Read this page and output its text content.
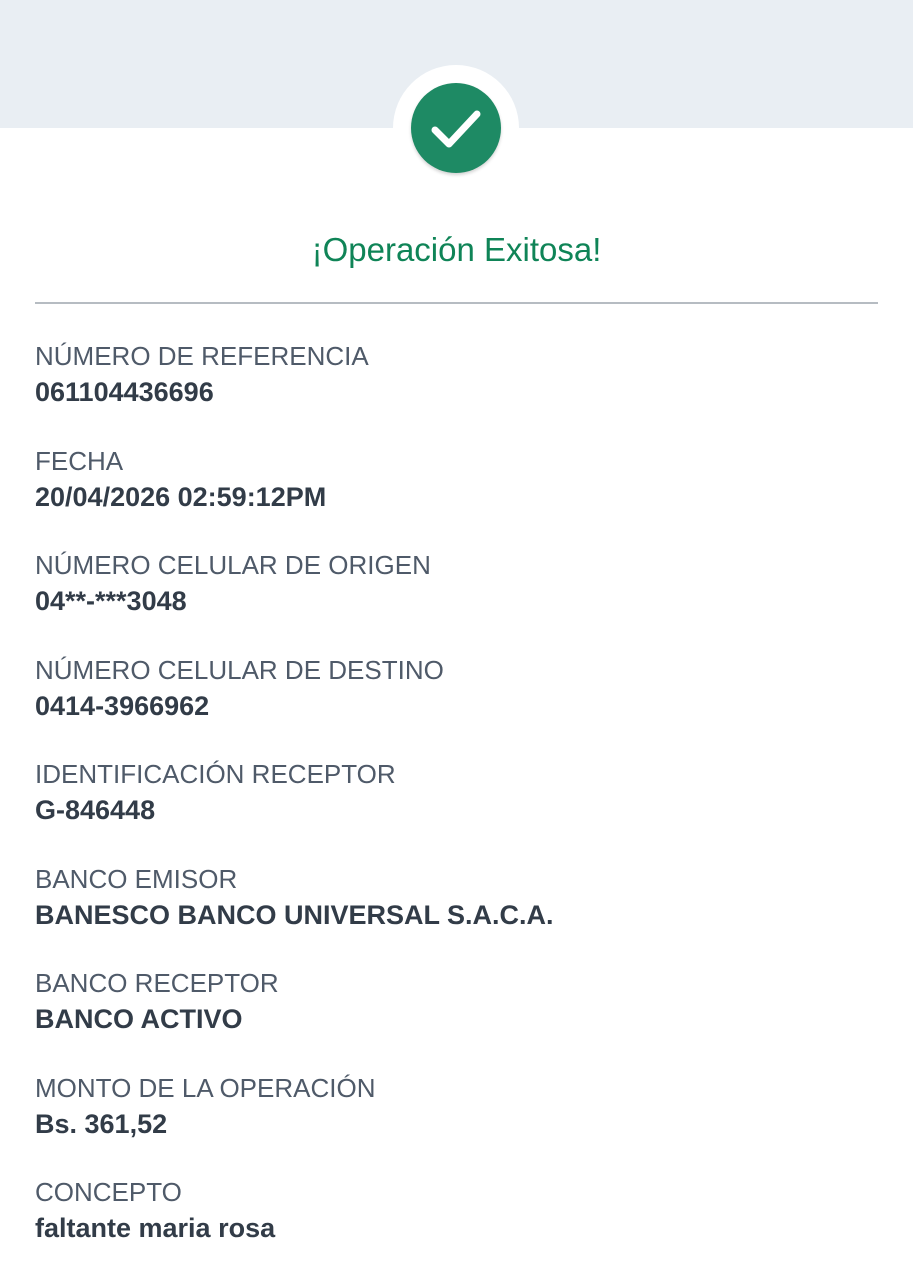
¡Operación Exitosa!
NÚMERO DE REFERENCIA
061104436696
FECHA
20/04/2026 02:59:12PM
NÚMERO CELULAR DE ORIGEN
04**-***3048
NÚMERO CELULAR DE DESTINO
0414-3966962
IDENTIFICACIÓN RECEPTOR
G-846448
BANCO EMISOR
BANESCO BANCO UNIVERSAL S.A.C.A.
BANCO RECEPTOR
BANCO ACTIVO
MONTO DE LA OPERACIÓN
Bs. 361,52
CONCEPTO
faltante maria rosa
